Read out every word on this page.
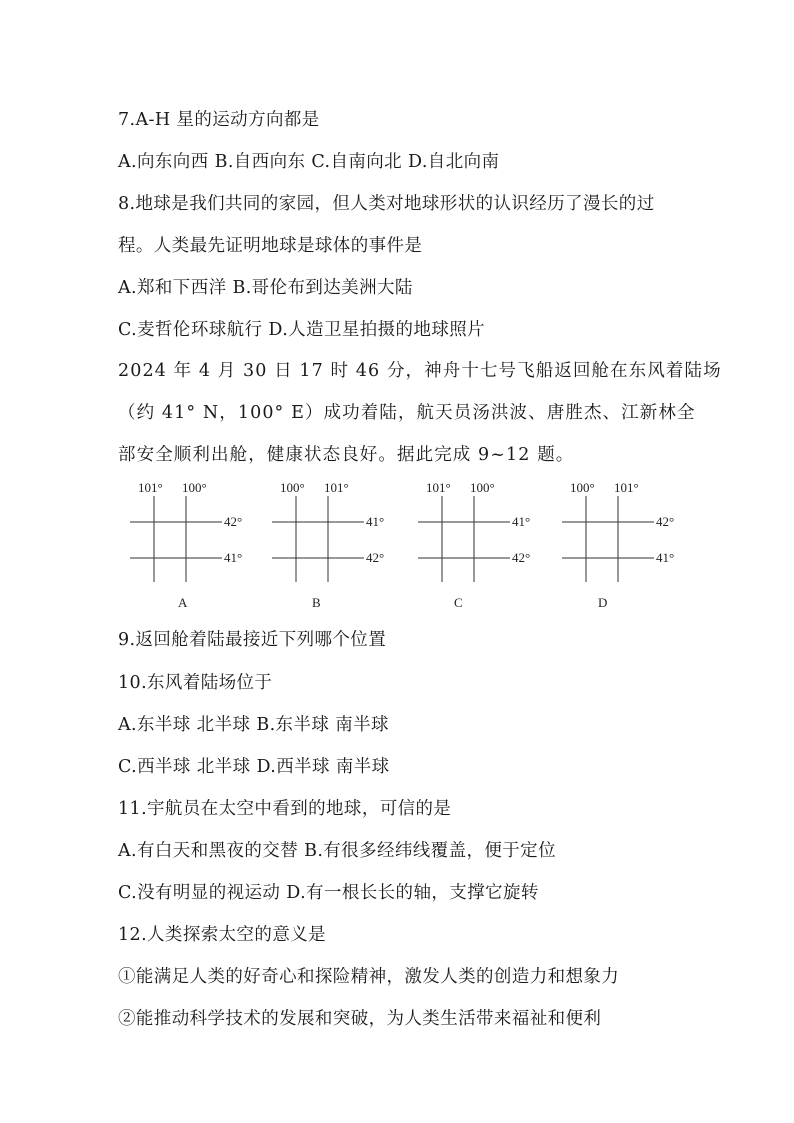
7.A-H 星的运动方向都是
A.向东向西 B.自西向东 C.自南向北 D.自北向南
8.地球是我们共同的家园，但人类对地球形状的认识经历了漫长的过
程。人类最先证明地球是球体的事件是
A.郑和下西洋 B.哥伦布到达美洲大陆
C.麦哲伦环球航行 D.人造卫星拍摄的地球照片
2024 年 4 月 30 日 17 时 46 分，神舟十七号飞船返回舱在东风着陆场
（约 41° N，100° E）成功着陆，航天员汤洪波、唐胜杰、江新林全
部安全顺利出舱，健康状态良好。据此完成 9~12 题。
101° 100°
42°
41°
A
100° 101°
41°
42°
B
101° 100°
41°
42°
C
100° 101°
42°
41°
D
9.返回舱着陆最接近下列哪个位置
10.东风着陆场位于
A.东半球 北半球 B.东半球 南半球
C.西半球 北半球 D.西半球 南半球
11.宇航员在太空中看到的地球，可信的是
A.有白天和黑夜的交替 B.有很多经纬线覆盖，便于定位
C.没有明显的视运动 D.有一根长长的轴，支撑它旋转
12.人类探索太空的意义是
①能满足人类的好奇心和探险精神，激发人类的创造力和想象力
②能推动科学技术的发展和突破，为人类生活带来福祉和便利
